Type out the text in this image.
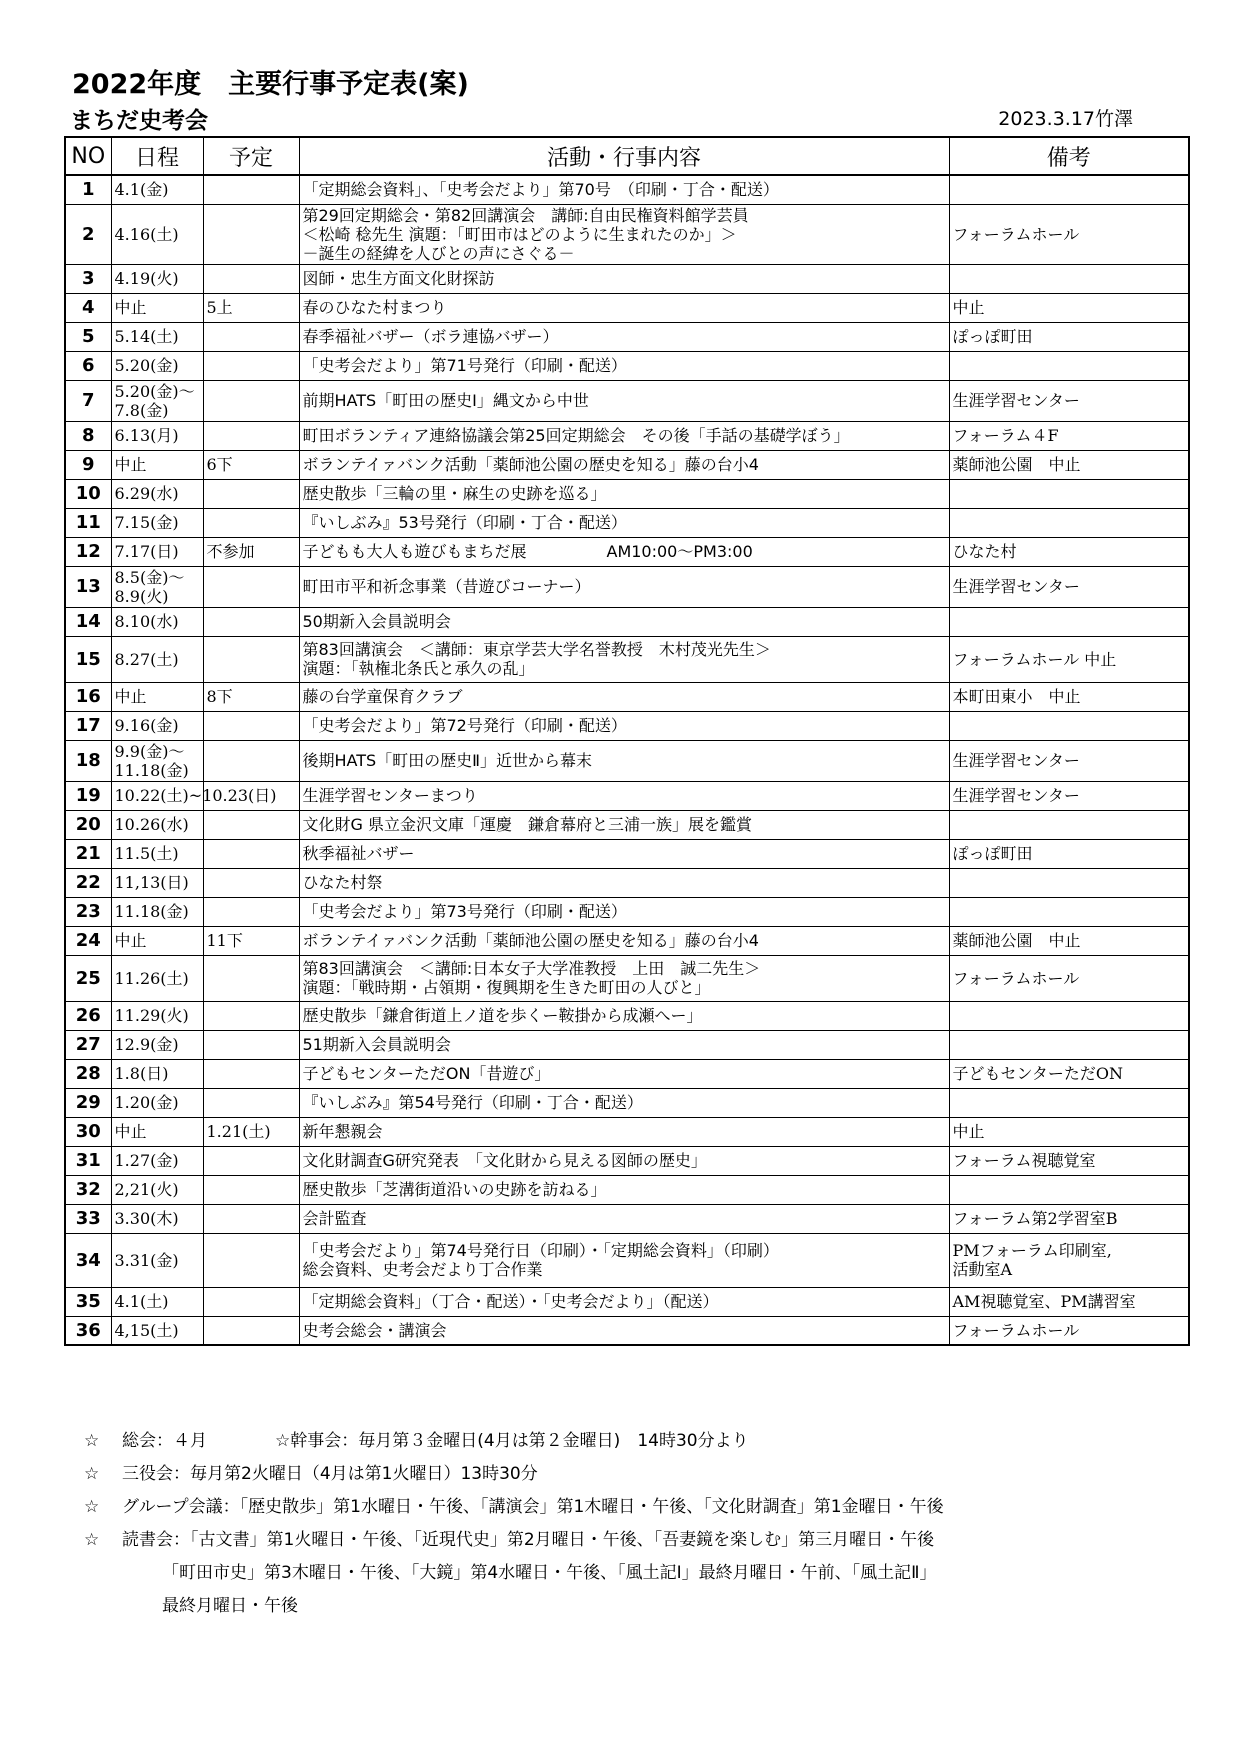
2022年度　主要行事予定表(案)
まちだ史考会	2023.3.17竹澤
NO	日程	予定	活動・行事内容	備考
1	4.1(金)		「定期総会資料」、「史考会だより」第70号　（印刷・丁合・配送）	
2	4.16(土)		第29回定期総会・第82回講演会　講師:自由民権資料館学芸員
＜松崎 稔先生 演題：「町田市はどのように生まれたのか」＞
－誕生の経緯を人びとの声にさぐる－	フォーラムホール
3	4.19(火)		図師・忠生方面文化財探訪	
4	中止	5上	春のひなた村まつり	中止
5	5.14(土)		春季福祉バザー（ボラ連協バザー）	ぽっぽ町田
6	5.20(金)		「史考会だより」第71号発行（印刷・配送）	
7	5.20(金)～7.8(金)		前期HATS「町田の歴史Ⅰ」縄文から中世	生涯学習センター
8	6.13(月)		町田ボランティア連絡協議会第25回定期総会　その後「手話の基礎学ぼう」	フォーラム４F
9	中止	6下	ボランテイァバンク活動「薬師池公園の歴史を知る」藤の台小4	薬師池公園　中止
10	6.29(水)		歴史散歩「三輪の里・麻生の史跡を巡る」	
11	7.15(金)		『いしぶみ』53号発行（印刷・丁合・配送）	
12	7.17(日)	不参加	子どもも大人も遊びもまちだ展　　　　　AM10:00～PM3:00	ひなた村
13	8.5(金)～8.9(火)		町田市平和祈念事業（昔遊びコーナー）	生涯学習センター
14	8.10(水)		50期新入会員説明会	
15	8.27(土)		第83回講演会　＜講師：東京学芸大学名誉教授　木村茂光先生＞
演題：「執権北条氏と承久の乱」	フォーラムホール 中止
16	中止	8下	藤の台学童保育クラブ	本町田東小　中止
17	9.16(金)		「史考会だより」第72号発行（印刷・配送）	
18	9.9(金)～11.18(金)		後期HATS「町田の歴史Ⅱ」近世から幕末	生涯学習センター
19	10.22(土)~10.23(日)		生涯学習センターまつり	生涯学習センター
20	10.26(水)		文化財G 県立金沢文庫「運慶　鎌倉幕府と三浦一族」展を鑑賞	
21	11.5(土)		秋季福祉バザー	ぽっぽ町田
22	11,13(日)		ひなた村祭	
23	11.18(金)		「史考会だより」第73号発行（印刷・配送）	
24	中止	11下	ボランテイァバンク活動「薬師池公園の歴史を知る」藤の台小4	薬師池公園　中止
25	11.26(土)		第83回講演会　＜講師:日本女子大学准教授　上田　誠二先生＞
演題：「戦時期・占領期・復興期を生きた町田の人びと」	フォーラムホール
26	11.29(火)		歴史散歩「鎌倉街道上ノ道を歩くー鞍掛から成瀬へー」	
27	12.9(金)		51期新入会員説明会	
28	1.8(日)		子どもセンターただON「昔遊び」	子どもセンターただON
29	1.20(金)		『いしぶみ』第54号発行（印刷・丁合・配送）	
30	中止	1.21(土)	新年懇親会	中止
31	1.27(金)		文化財調査G研究発表　「文化財から見える図師の歴史」	フォーラム視聴覚室
32	2,21(火)		歴史散歩「芝溝街道沿いの史跡を訪ねる」	
33	3.30(木)		会計監査	フォーラム第2学習室B
34	3.31(金)		「史考会だより」第74号発行日（印刷）・「定期総会資料」（印刷）
総会資料、史考会だより丁合作業	PMフォーラム印刷室,
活動室A
35	4.1(土)		「定期総会資料」（丁合・配送）・「史考会だより」（配送）	AM視聴覚室、PM講習室
36	4,15(土)		史考会総会・講演会	フォーラムホール
☆ 総会：４月　　　　☆幹事会：毎月第３金曜日(4月は第２金曜日)　14時30分より
☆ 三役会：毎月第2火曜日（4月は第1火曜日）13時30分
☆ グループ会議：「歴史散歩」第1水曜日・午後、「講演会」第1木曜日・午後、「文化財調査」第1金曜日・午後
☆ 読書会：「古文書」第1火曜日・午後、「近現代史」第2月曜日・午後、「吾妻鏡を楽しむ」第三月曜日・午後
「町田市史」第3木曜日・午後、「大鏡」第4水曜日・午後、「風土記Ⅰ」最終月曜日・午前、「風土記Ⅱ」
最終月曜日・午後
